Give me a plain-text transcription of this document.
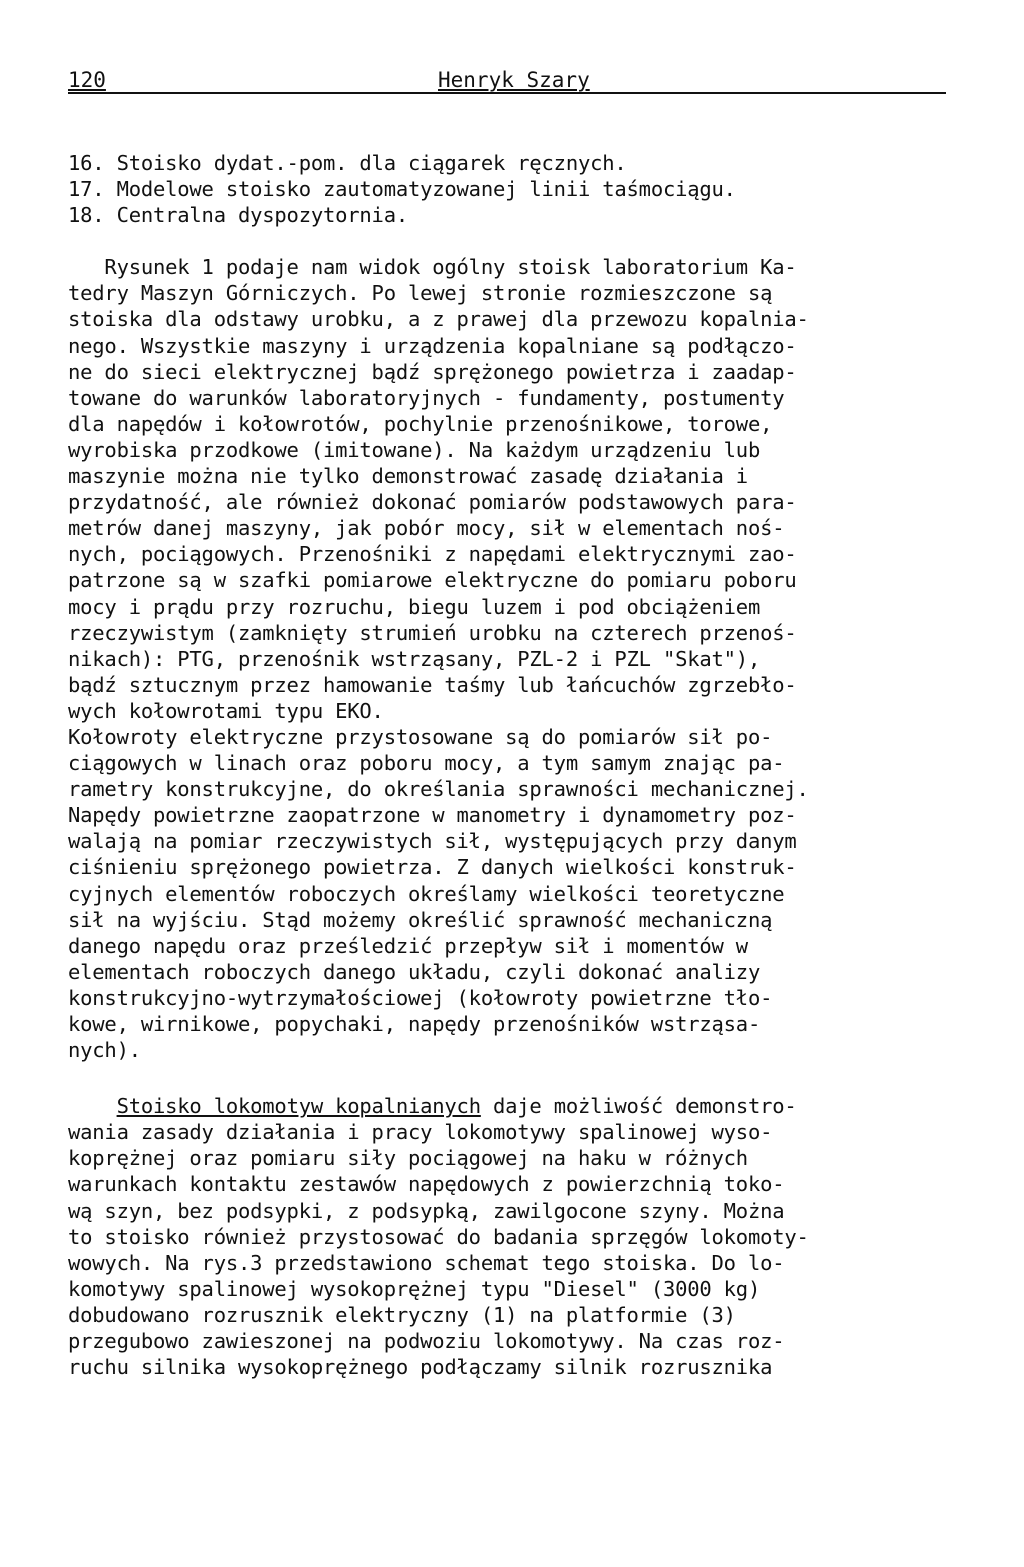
120	Henryk Szary
16. Stoisko dydat.-pom. dla ciągarek ręcznych.
17. Modelowe stoisko zautomatyzowanej linii taśmociągu.
18. Centralna dyspozytornia.
Rysunek 1 podaje nam widok ogólny stoisk laboratorium Ka-
tedry Maszyn Górniczych. Po lewej stronie rozmieszczone są
stoiska dla odstawy urobku, a z prawej dla przewozu kopalnia-
nego. Wszystkie maszyny i urządzenia kopalniane są podłączo-
ne do sieci elektrycznej bądź sprężonego powietrza i zaadap-
towane do warunków laboratoryjnych - fundamenty, postumenty
dla napędów i kołowrotów, pochylnie przenośnikowe, torowe,
wyrobiska przodkowe (imitowane). Na każdym urządzeniu lub
maszynie można nie tylko demonstrować zasadę działania i
przydatność, ale również dokonać pomiarów podstawowych para-
metrów danej maszyny, jak pobór mocy, sił w elementach noś-
nych, pociągowych. Przenośniki z napędami elektrycznymi zao-
patrzone są w szafki pomiarowe elektryczne do pomiaru poboru
mocy i prądu przy rozruchu, biegu luzem i pod obciążeniem
rzeczywistym (zamknięty strumień urobku na czterech przenoś-
nikach): PTG, przenośnik wstrząsany, PZL-2 i PZL "Skat"),
bądź sztucznym przez hamowanie taśmy lub łańcuchów zgrzebło-
wych kołowrotami typu EKO.
Kołowroty elektryczne przystosowane są do pomiarów sił po-
ciągowych w linach oraz poboru mocy, a tym samym znając pa-
rametry konstrukcyjne, do określania sprawności mechanicznej.
Napędy powietrzne zaopatrzone w manometry i dynamometry poz-
walają na pomiar rzeczywistych sił, występujących przy danym
ciśnieniu sprężonego powietrza. Z danych wielkości konstruk-
cyjnych elementów roboczych określamy wielkości teoretyczne
sił na wyjściu. Stąd możemy określić sprawność mechaniczną
danego napędu oraz prześledzić przepływ sił i momentów w
elementach roboczych danego układu, czyli dokonać analizy
konstrukcyjno-wytrzymałościowej (kołowroty powietrzne tło-
kowe, wirnikowe, popychaki, napędy przenośników wstrząsa-
nych).
Stoisko lokomotyw kopalnianych daje możliwość demonstro-
wania zasady działania i pracy lokomotywy spalinowej wyso-
koprężnej oraz pomiaru siły pociągowej na haku w różnych
warunkach kontaktu zestawów napędowych z powierzchnią toko-
wą szyn, bez podsypki, z podsypką, zawilgocone szyny. Można
to stoisko również przystosować do badania sprzęgów lokomoty-
wowych. Na rys.3 przedstawiono schemat tego stoiska. Do lo-
komotywy spalinowej wysokoprężnej typu "Diesel" (3000 kg)
dobudowano rozrusznik elektryczny (1) na platformie (3)
przegubowo zawieszonej na podwoziu lokomotywy. Na czas roz-
ruchu silnika wysokoprężnego podłączamy silnik rozrusznika
